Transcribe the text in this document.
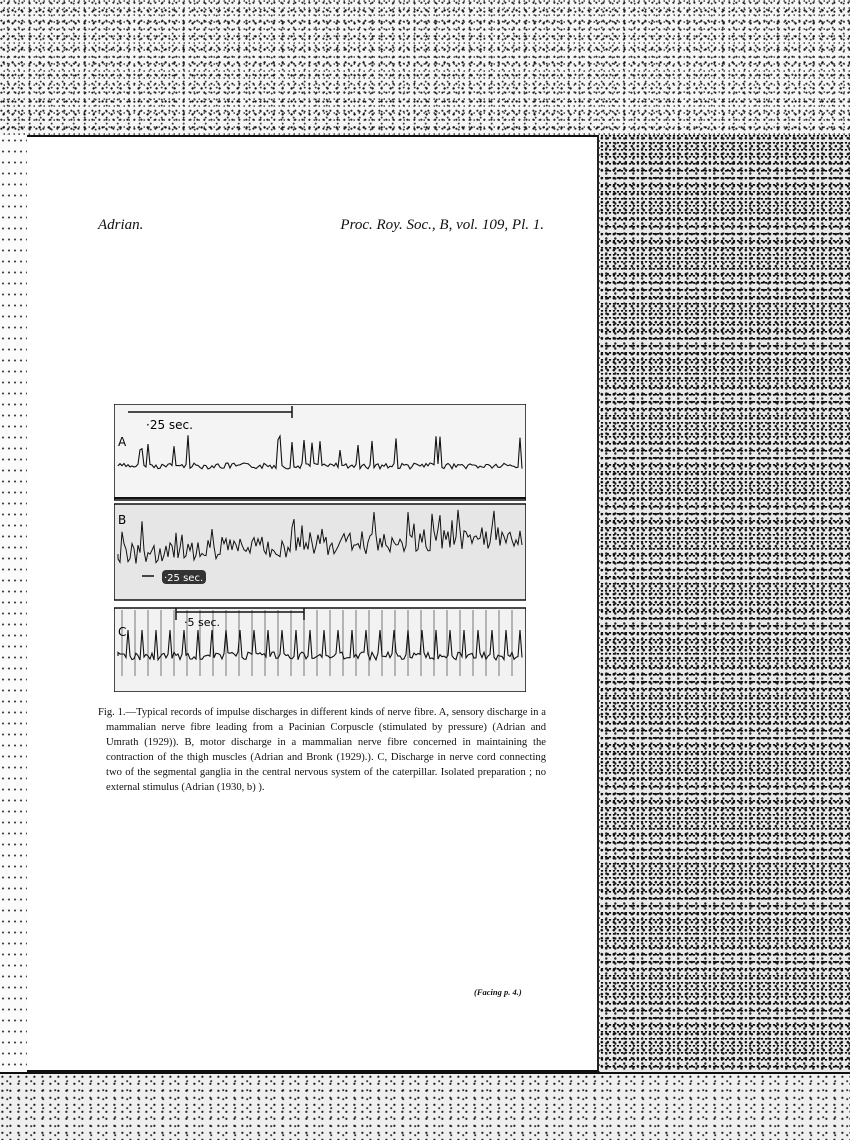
Adrian.	Proc. Roy. Soc., B, vol. 109, Pl. 1.
·25 sec.
A
B
·25 sec.
·5 sec.
C

Fig. 1.—Typical records of impulse discharges in different kinds of nerve fibre. A, sensory discharge in a mammalian nerve fibre leading from a Pacinian Corpuscle (stimulated by pressure) (Adrian and Umrath (1929)). B, motor discharge in a mammalian nerve fibre concerned in maintaining the contraction of the thigh muscles (Adrian and Bronk (1929).). C, Discharge in nerve cord connecting two of the segmental ganglia in the central nervous system of the caterpillar. Isolated preparation ; no external stimulus (Adrian (1930, b) ).

(Facing p. 4.)
